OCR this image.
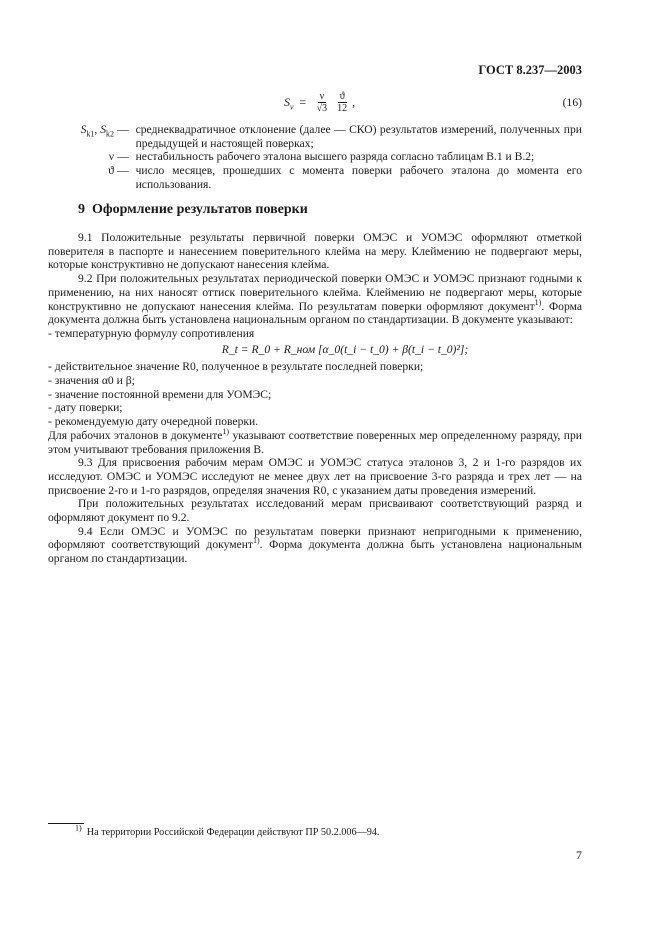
ГОСТ 8.237—2003
$S_\nu = \frac{\nu}{√3} \frac{ϑ}{12}$ ,	(16)
$S_{k1}$, $S_{k2}$ — среднеквадратичное отклонение (далее — СКО) результатов измерений, полученных при предыдущей и настоящей поверках;
ν — нестабильность рабочего эталона высшего разряда согласно таблицам В.1 и В.2;
ϑ — число месяцев, прошедших с момента поверки рабочего эталона до момента его использования.
9 Оформление результатов поверки

9.1 Положительные результаты первичной поверки ОМЭС и УОМЭС оформляют отметкой поверителя в паспорте и нанесением поверительного клейма на меру. Клеймению не подвергают меры, которые конструктивно не допускают нанесения клейма.

9.2 При положительных результатах периодической поверки ОМЭС и УОМЭС признают годными к применению, на них наносят оттиск поверительного клейма. Клеймению не подвергают меры, которые конструктивно не допускают нанесения клейма. По результатам поверки оформляют документ$^{1)}$. Форма документа должна быть установлена национальным органом по стандартизации. В документе указывают:

- температурную формулу сопротивления

R_t = R_0 + R_ном [α_0(t_i − t_0) + β(t_i − t_0)²];

- действительное значение R0, полученное в результате последней поверки;

- значения α0 и β;

- значение постоянной времени для УОМЭС;

- дату поверки;

- рекомендуемую дату очередной поверки.

Для рабочих эталонов в документе$^{1)}$ указывают соответствие поверенных мер определенному разряду, при этом учитывают требования приложения В.

9.3 Для присвоения рабочим мерам ОМЭС и УОМЭС статуса эталонов 3, 2 и 1-го разрядов их исследуют. ОМЭС и УОМЭС исследуют не менее двух лет на присвоение 3-го разряда и трех лет — на присвоение 2-го и 1-го разрядов, определяя значения R0, с указанием даты проведения измерений.

При положительных результатах исследований мерам присваивают соответствующий разряд и оформляют документ по 9.2.

9.4 Если ОМЭС и УОМЭС по результатам поверки признают непригодными к применению, оформляют соответствующий документ$^{1)}$. Форма документа должна быть установлена национальным органом по стандартизации.

$^{1)}$ На территории Российской Федерации действуют ПР 50.2.006—94.
7
